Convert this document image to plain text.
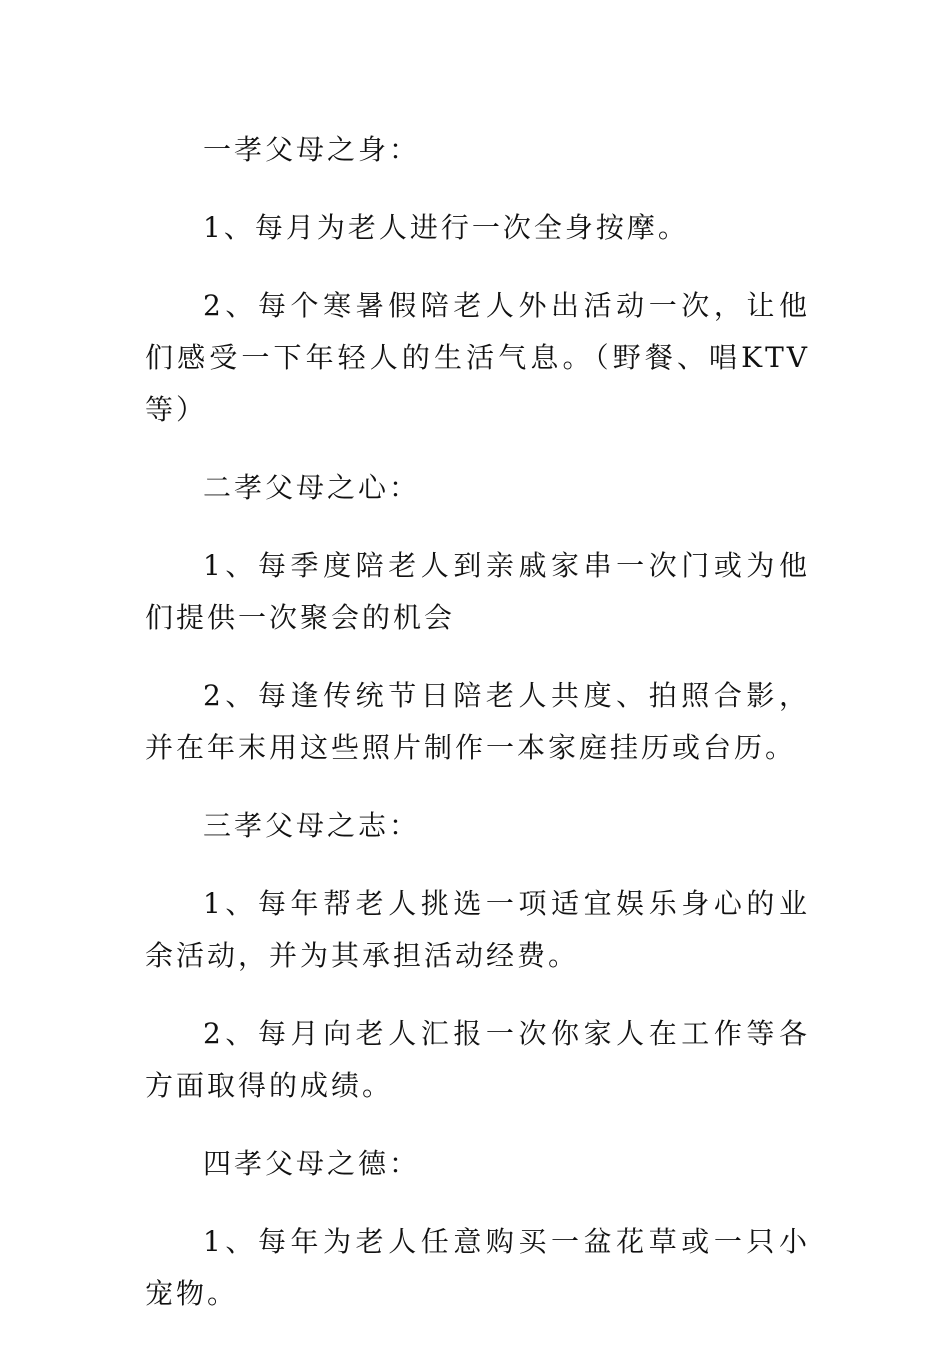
一孝父母之身：

1、每月为老人进行一次全身按摩。

2、每个寒暑假陪老人外出活动一次，让他们感受一下年轻人的生活气息。（野餐、唱KTV等）

二孝父母之心：

1、每季度陪老人到亲戚家串一次门或为他们提供一次聚会的机会

2、每逢传统节日陪老人共度、拍照合影，并在年末用这些照片制作一本家庭挂历或台历。

三孝父母之志：

1、每年帮老人挑选一项适宜娱乐身心的业余活动，并为其承担活动经费。

2、每月向老人汇报一次你家人在工作等各方面取得的成绩。

四孝父母之德：

1、每年为老人任意购买一盆花草或一只小宠物。
